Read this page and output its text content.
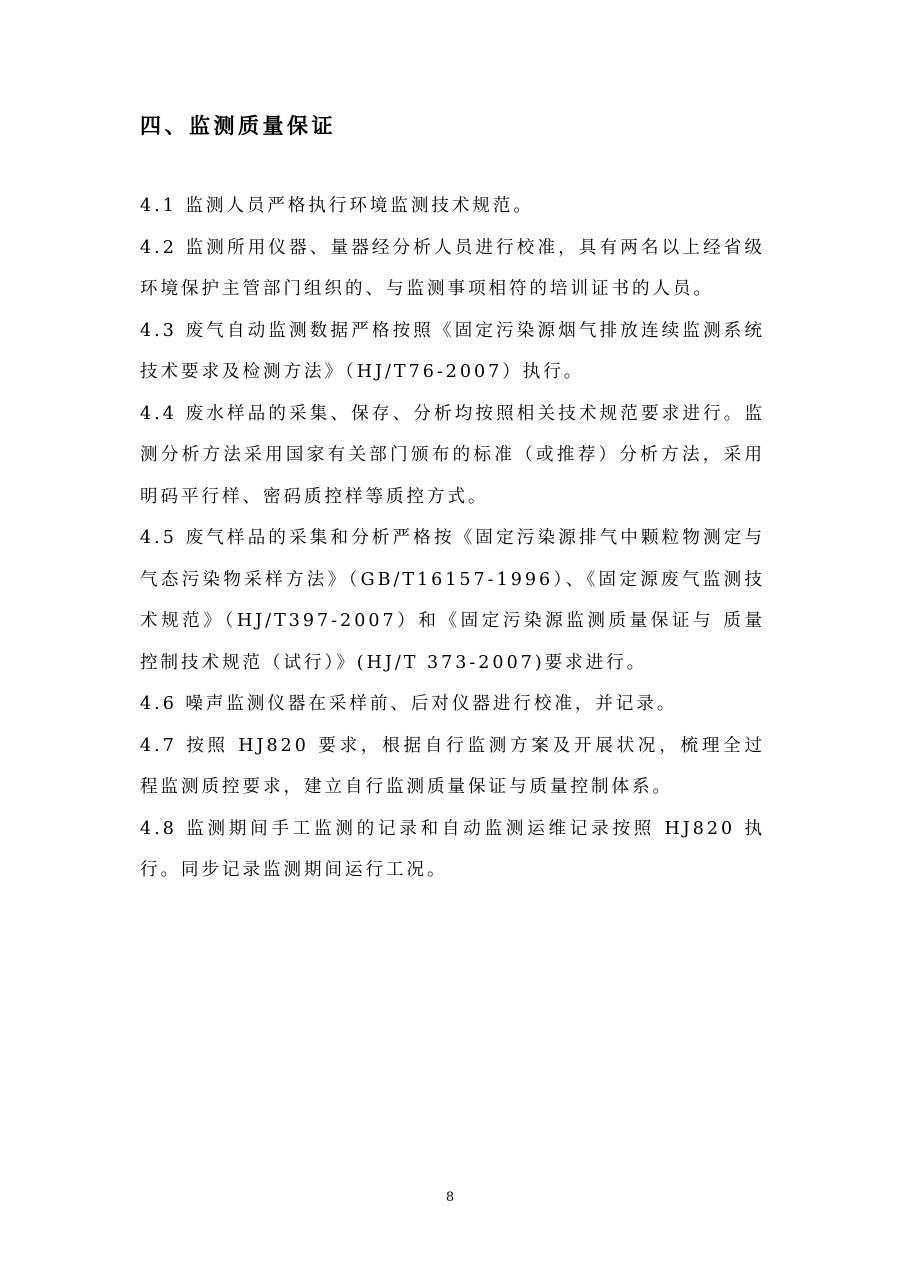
四、监测质量保证

4.1 监测人员严格执行环境监测技术规范。

4.2 监测所用仪器、量器经分析人员进行校准，具有两名以上经省级环境保护主管部门组织的、与监测事项相符的培训证书的人员。

4.3 废气自动监测数据严格按照《固定污染源烟气排放连续监测系统技术要求及检测方法》（HJ/T76-2007）执行。

4.4 废水样品的采集、保存、分析均按照相关技术规范要求进行。监测分析方法采用国家有关部门颁布的标准（或推荐）分析方法，采用明码平行样、密码质控样等质控方式。

4.5 废气样品的采集和分析严格按《固定污染源排气中颗粒物测定与气态污染物采样方法》（GB/T16157-1996）、《固定源废气监测技术规范》（HJ/T397-2007）和《固定污染源监测质量保证与 质量控制技术规范（试行）》(HJ/T 373-2007)要求进行。

4.6 噪声监测仪器在采样前、后对仪器进行校准，并记录。

4.7 按照 HJ820 要求，根据自行监测方案及开展状况，梳理全过程监测质控要求，建立自行监测质量保证与质量控制体系。

4.8 监测期间手工监测的记录和自动监测运维记录按照 HJ820 执行。同步记录监测期间运行工况。

8
